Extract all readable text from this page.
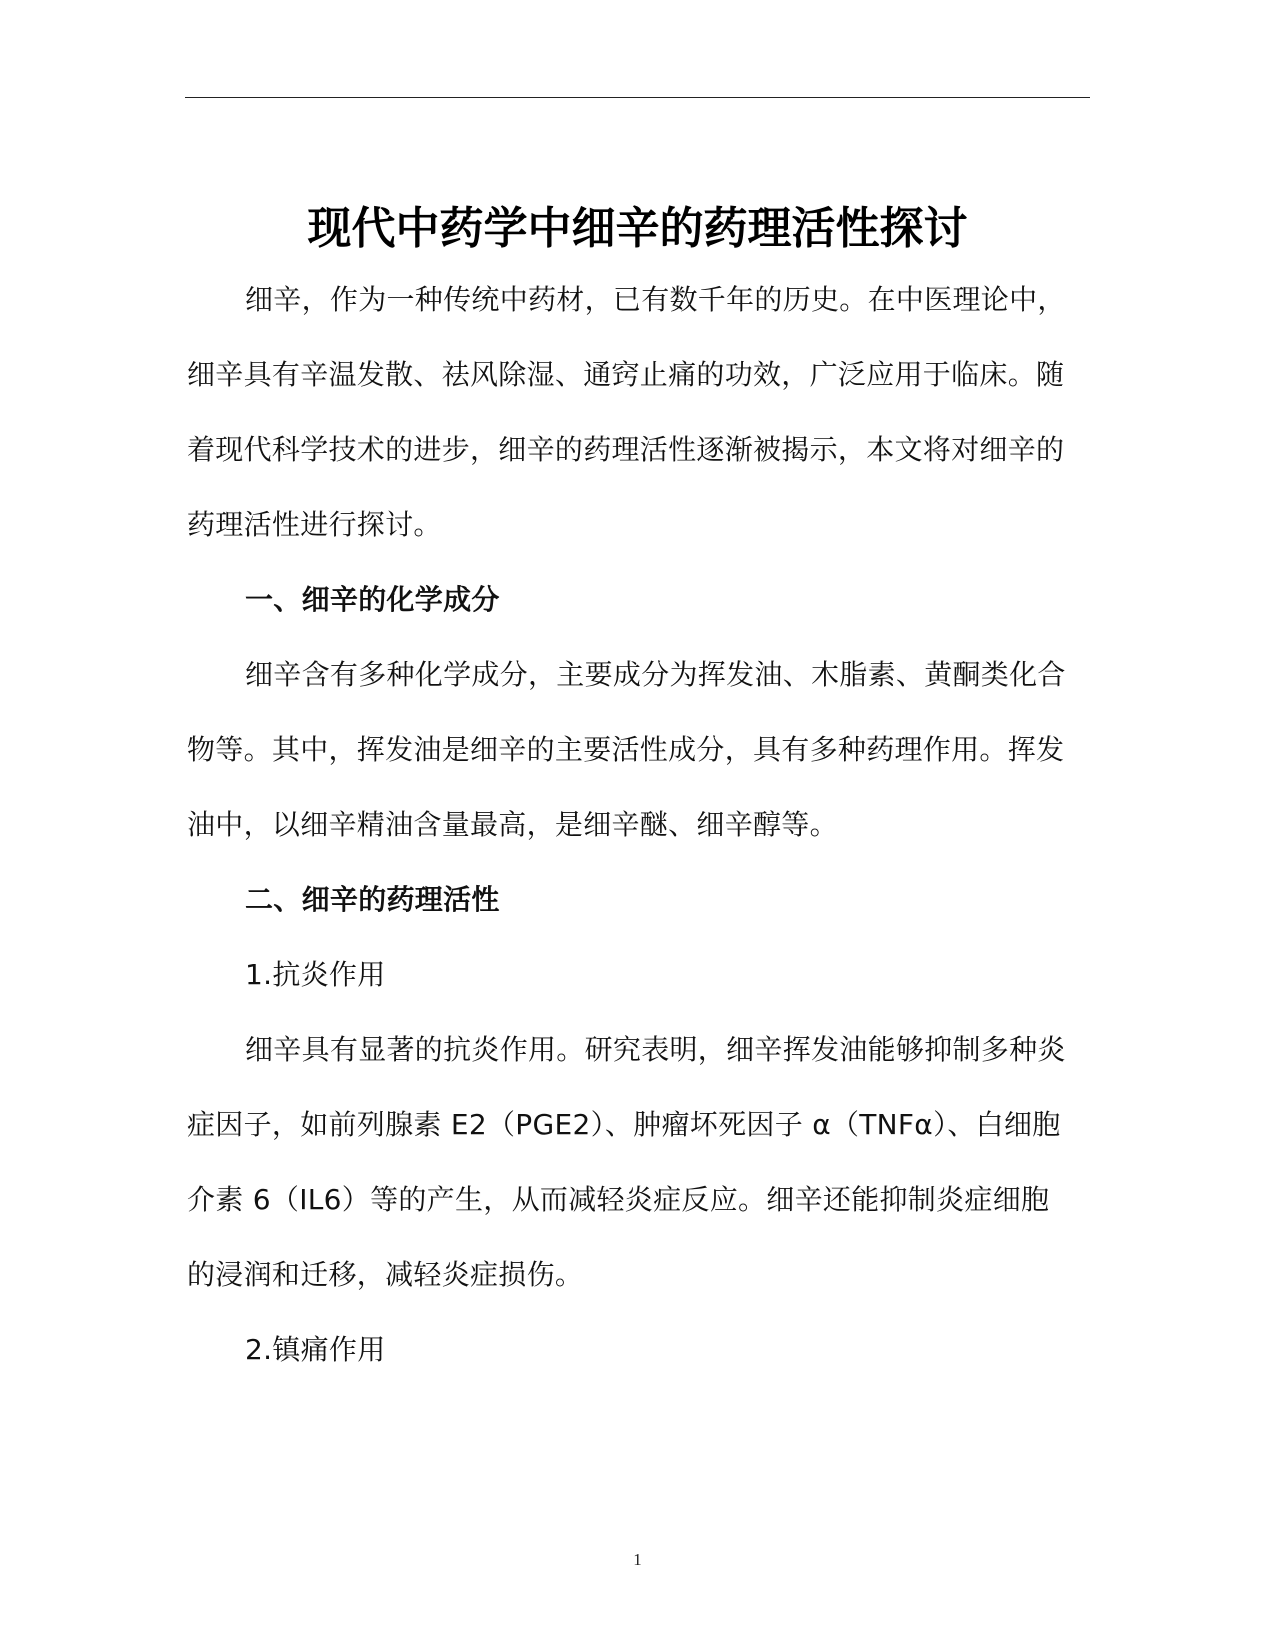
现代中药学中细辛的药理活性探讨

细辛，作为一种传统中药材，已有数千年的历史。在中医理论中，细辛具有辛温发散、祛风除湿、通窍止痛的功效，广泛应用于临床。随着现代科学技术的进步，细辛的药理活性逐渐被揭示，本文将对细辛的药理活性进行探讨。

一、细辛的化学成分

细辛含有多种化学成分，主要成分为挥发油、木脂素、黄酮类化合物等。其中，挥发油是细辛的主要活性成分，具有多种药理作用。挥发油中，以细辛精油含量最高，是细辛醚、细辛醇等。

二、细辛的药理活性

1.抗炎作用

细辛具有显著的抗炎作用。研究表明，细辛挥发油能够抑制多种炎症因子，如前列腺素 E2（PGE2）、肿瘤坏死因子 α（TNFα）、白细胞介素 6（IL6）等的产生，从而减轻炎症反应。细辛还能抑制炎症细胞的浸润和迁移，减轻炎症损伤。

2.镇痛作用

1
